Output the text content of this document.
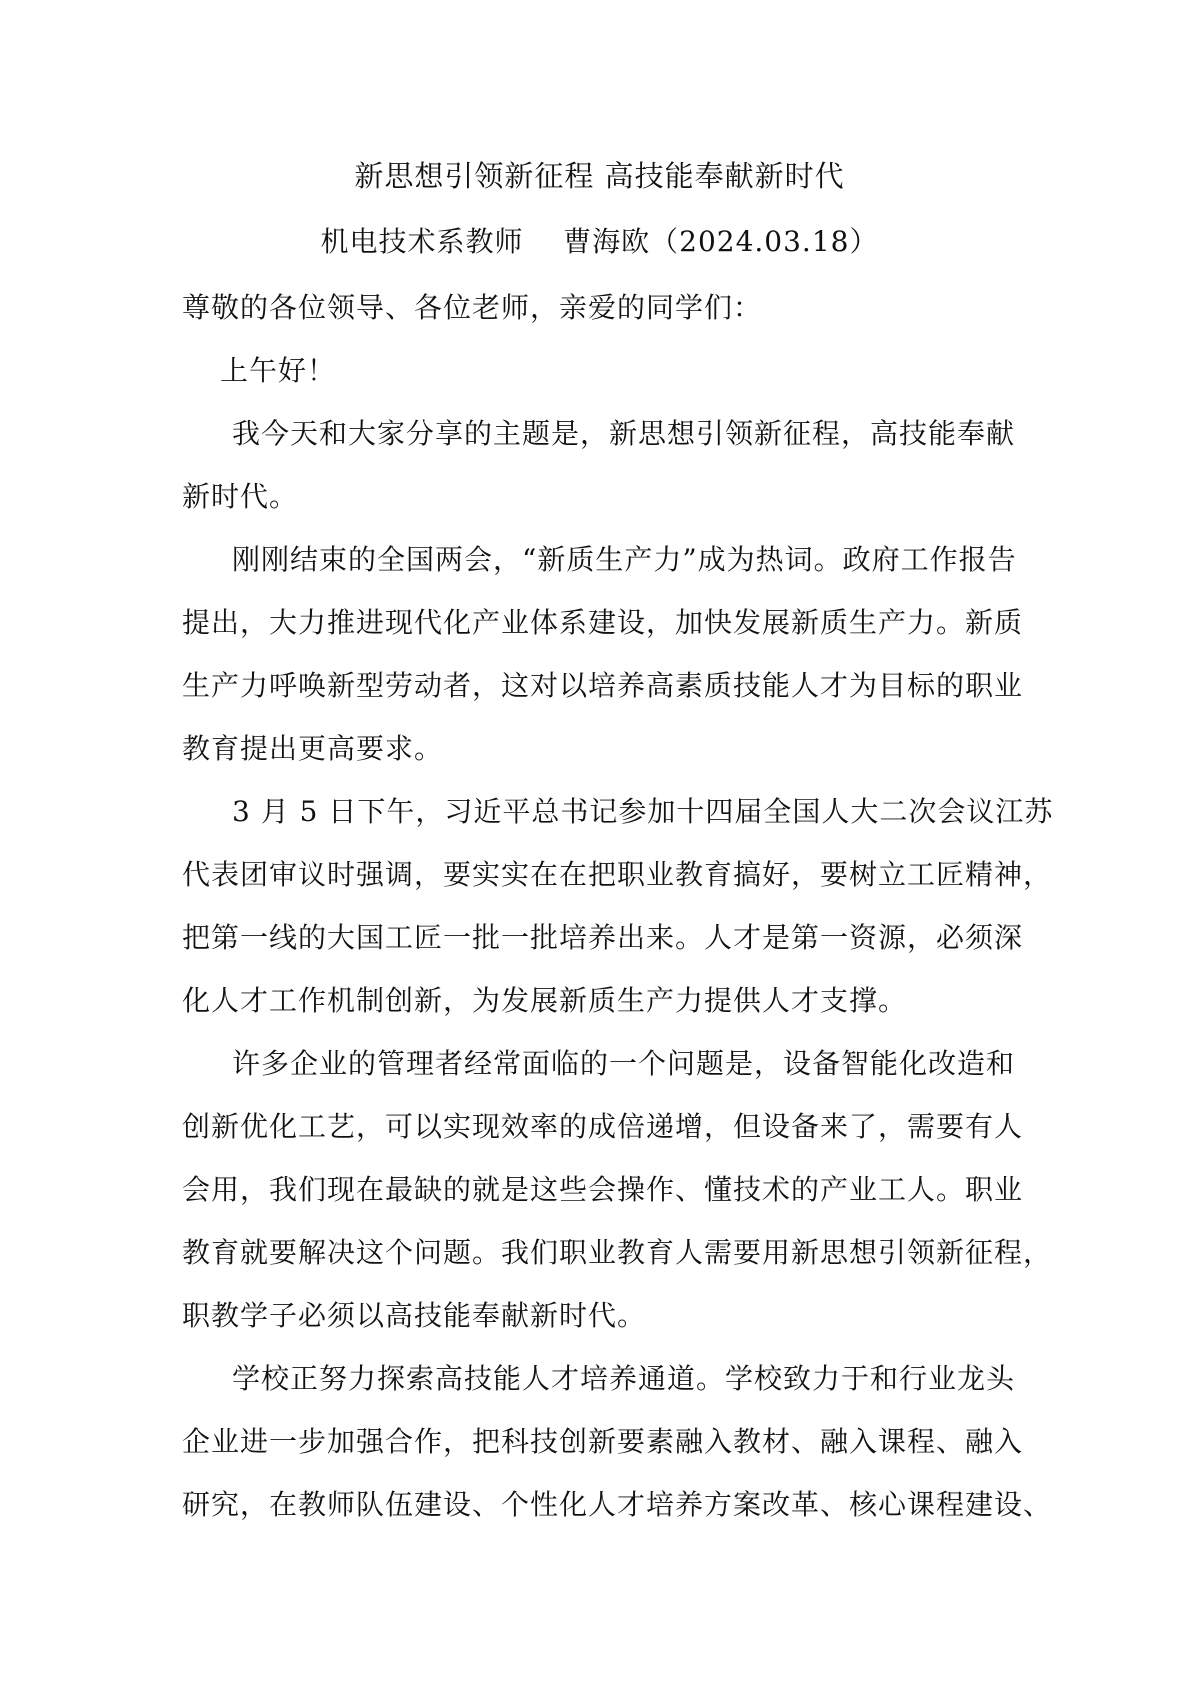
新思想引领新征程 高技能奉献新时代
机电技术系教师    曹海欧（2024.03.18）
尊敬的各位领导、各位老师，亲爱的同学们：
上午好！
我今天和大家分享的主题是，新思想引领新征程，高技能奉献
新时代。
刚刚结束的全国两会，“新质生产力”成为热词。政府工作报告
提出，大力推进现代化产业体系建设，加快发展新质生产力。新质
生产力呼唤新型劳动者，这对以培养高素质技能人才为目标的职业
教育提出更高要求。
3 月 5 日下午，习近平总书记参加十四届全国人大二次会议江苏
代表团审议时强调，要实实在在把职业教育搞好，要树立工匠精神，
把第一线的大国工匠一批一批培养出来。人才是第一资源，必须深
化人才工作机制创新，为发展新质生产力提供人才支撑。
许多企业的管理者经常面临的一个问题是，设备智能化改造和
创新优化工艺，可以实现效率的成倍递增，但设备来了，需要有人
会用，我们现在最缺的就是这些会操作、懂技术的产业工人。职业
教育就要解决这个问题。我们职业教育人需要用新思想引领新征程，
职教学子必须以高技能奉献新时代。
学校正努力探索高技能人才培养通道。学校致力于和行业龙头
企业进一步加强合作，把科技创新要素融入教材、融入课程、融入
研究，在教师队伍建设、个性化人才培养方案改革、核心课程建设、
